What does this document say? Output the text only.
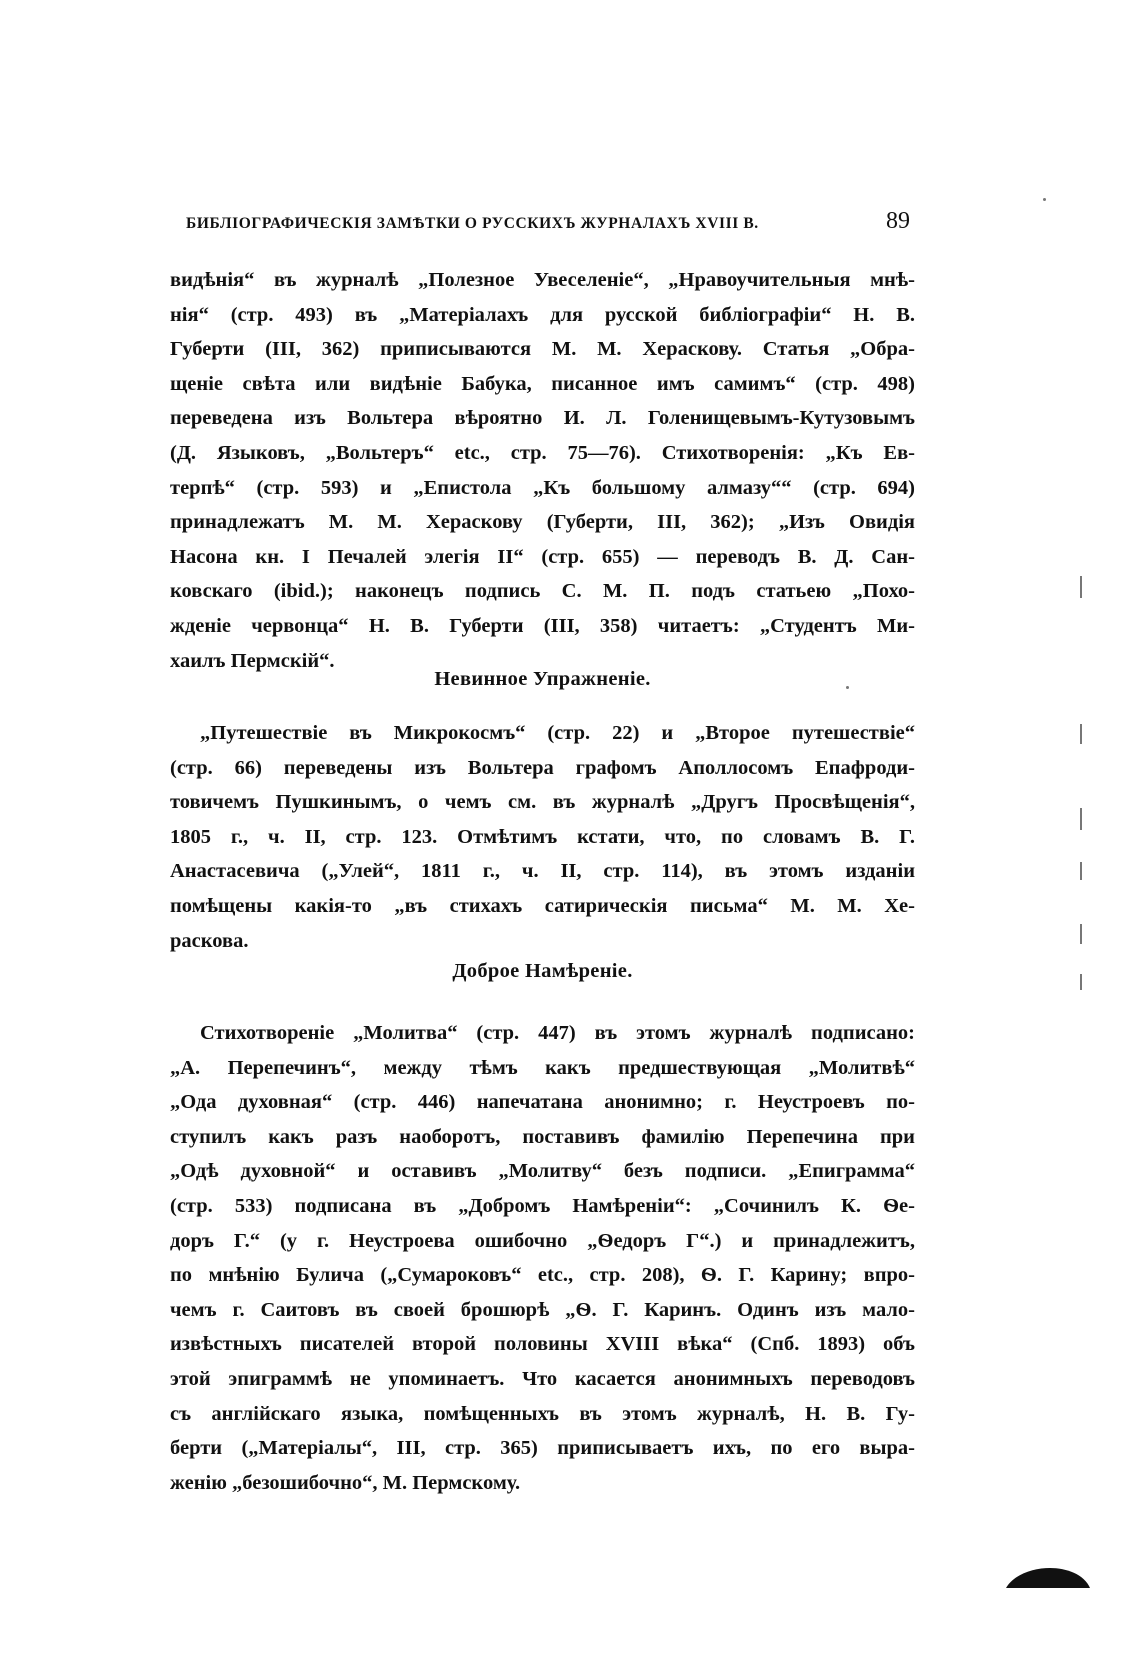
БИБЛIОГРАФИЧЕСКIЯ ЗАМѢТКИ О РУССКИХЪ ЖУРНАЛАХЪ XVIII В.	89
видѣнія“ въ журналѣ „Полезное Увеселеніе“, „Нравоучительныя мнѣ-
нія“ (стр. 493) въ „Матеріалахъ для русской библіографіи“ Н. В.
Губерти (III, 362) приписываются М. М. Хераскову. Статья „Обра-
щеніе свѣта или видѣніе Бабука, писанное имъ самимъ“ (стр. 498)
переведена изъ Вольтера вѣроятно И. Л. Голенищевымъ-Кутузовымъ
(Д. Языковъ, „Вольтеръ“ etc., стр. 75—76). Стихотворенія: „Къ Ев-
терпѣ“ (стр. 593) и „Епистола „Къ большому алмазу““ (стр. 694)
принадлежатъ М. М. Хераскову (Губерти, III, 362); „Изъ Овидія
Насона кн. I Печалей элегія II“ (стр. 655) — переводъ В. Д. Сан-
ковскаго (ibid.); наконецъ подпись С. М. П. подъ статьею „Похо-
жденіе червонца“ Н. В. Губерти (III, 358) читаетъ: „Студентъ Ми-
хаилъ Пермскій“.
Невинное Упражненіе.
„Путешествіе въ Микрокосмъ“ (стр. 22) и „Второе путешествіе“
(стр. 66) переведены изъ Вольтера графомъ Аполлосомъ Епафроди-
товичемъ Пушкинымъ, о чемъ см. въ журналѣ „Другъ Просвѣщенія“,
1805 г., ч. II, стр. 123. Отмѣтимъ кстати, что, по словамъ В. Г.
Анастасевича („Улей“, 1811 г., ч. II, стр. 114), въ этомъ изданіи
помѣщены какія-то „въ стихахъ сатирическія письма“ М. М. Хе-
раскова.
Доброе Намѣреніе.
Стихотвореніе „Молитва“ (стр. 447) въ этомъ журналѣ подписано:
„А. Перепечинъ“, между тѣмъ какъ предшествующая „Молитвѣ“
„Ода духовная“ (стр. 446) напечатана анонимно; г. Неустроевъ по-
ступилъ какъ разъ наоборотъ, поставивъ фамилію Перепечина при
„Одѣ духовной“ и оставивъ „Молитву“ безъ подписи. „Епиграмма“
(стр. 533) подписана въ „Добромъ Намѣреніи“: „Сочинилъ К. Ѳе-
доръ Г.“ (у г. Неустроева ошибочно „Ѳедоръ Г“.) и принадлежитъ,
по мнѣнію Булича („Сумароковъ“ etc., стр. 208), Ѳ. Г. Карину; впро-
чемъ г. Саитовъ въ своей брошюрѣ „Ѳ. Г. Каринъ. Одинъ изъ мало-
извѣстныхъ писателей второй половины XVIII вѣка“ (Спб. 1893) объ
этой эпиграммѣ не упоминаетъ. Что касается анонимныхъ переводовъ
съ англійскаго языка, помѣщенныхъ въ этомъ журналѣ, Н. В. Гу-
берти („Матеріалы“, III, стр. 365) приписываетъ ихъ, по его выра-
женію „безошибочно“, М. Пермскому.
